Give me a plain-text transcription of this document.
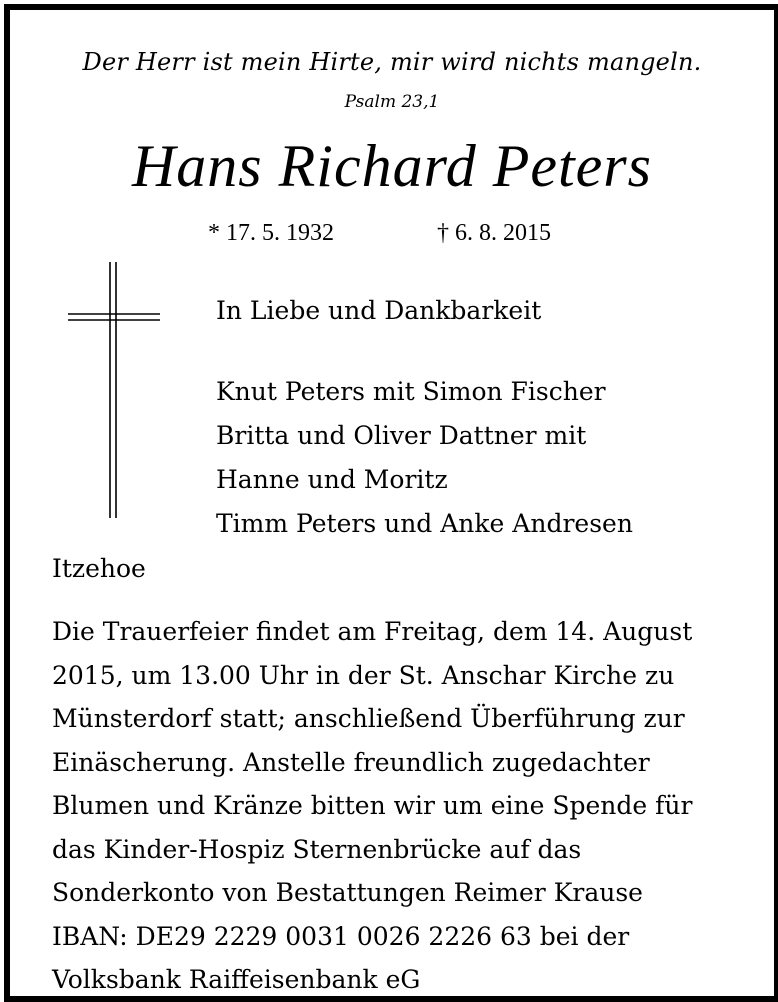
Der Herr ist mein Hirte, mir wird nichts mangeln.
Psalm 23,1
Hans Richard Peters
* 17. 5. 1932	† 6. 8. 2015
In Liebe und Dankbarkeit
Knut Peters mit Simon Fischer
Britta und Oliver Dattner mit
Hanne und Moritz
Timm Peters und Anke Andresen
Itzehoe
Die Trauerfeier findet am Freitag, dem 14. August
2015, um 13.00 Uhr in der St. Anschar Kirche zu
Münsterdorf statt; anschließend Überführung zur
Einäscherung. Anstelle freundlich zugedachter
Blumen und Kränze bitten wir um eine Spende für
das Kinder-Hospiz Sternenbrücke auf das
Sonderkonto von Bestattungen Reimer Krause
IBAN: DE29 2229 0031 0026 2226 63 bei der
Volksbank Raiffeisenbank eG
